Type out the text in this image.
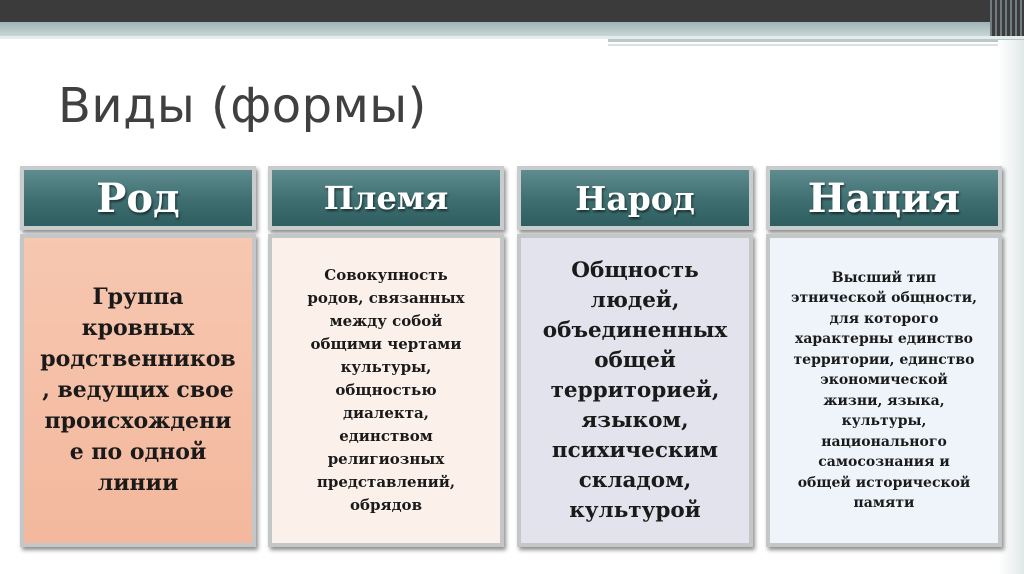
Виды (формы)
Род
Группа
кровных
родственников
, ведущих свое
происхождени
е по одной
линии
Племя
Совокупность
родов, связанных
между собой
общими чертами
культуры,
общностью
диалекта,
единством
религиозных
представлений,
обрядов
Народ
Общность
людей,
объединенных
общей
территорией,
языком,
психическим
складом,
культурой
Нация
Высший тип
этнической общности,
для которого
характерны единство
территории, единство
экономической
жизни, языка,
культуры,
национального
самосознания и
общей исторической
памяти
